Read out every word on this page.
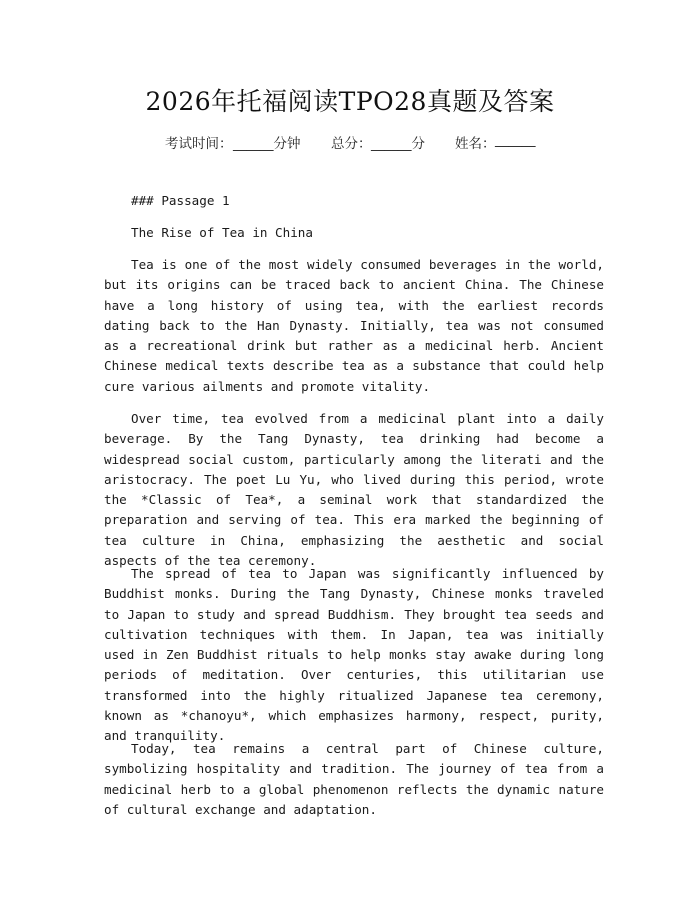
2026年托福阅读TPO28真题及答案
考试时间： ______分钟 总分： ______分 姓名： ______
### Passage 1
The Rise of Tea in China

Tea is one of the most widely consumed beverages in the world, but its origins can be traced back to ancient China. The Chinese have a long history of using tea, with the earliest records dating back to the Han Dynasty. Initially, tea was not consumed as a recreational drink but rather as a medicinal herb. Ancient Chinese medical texts describe tea as a substance that could help cure various ailments and promote vitality.

Over time, tea evolved from a medicinal plant into a daily beverage. By the Tang Dynasty, tea drinking had become a widespread social custom, particularly among the literati and the aristocracy. The poet Lu Yu, who lived during this period, wrote the *Classic of Tea*, a seminal work that standardized the preparation and serving of tea. This era marked the beginning of tea culture in China, emphasizing the aesthetic and social aspects of the tea ceremony.

The spread of tea to Japan was significantly influenced by Buddhist monks. During the Tang Dynasty, Chinese monks traveled to Japan to study and spread Buddhism. They brought tea seeds and cultivation techniques with them. In Japan, tea was initially used in Zen Buddhist rituals to help monks stay awake during long periods of meditation. Over centuries, this utilitarian use transformed into the highly ritualized Japanese tea ceremony, known as *chanoyu*, which emphasizes harmony, respect, purity, and tranquility.

Today, tea remains a central part of Chinese culture, symbolizing hospitality and tradition. The journey of tea from a medicinal herb to a global phenomenon reflects the dynamic nature of cultural exchange and adaptation.
